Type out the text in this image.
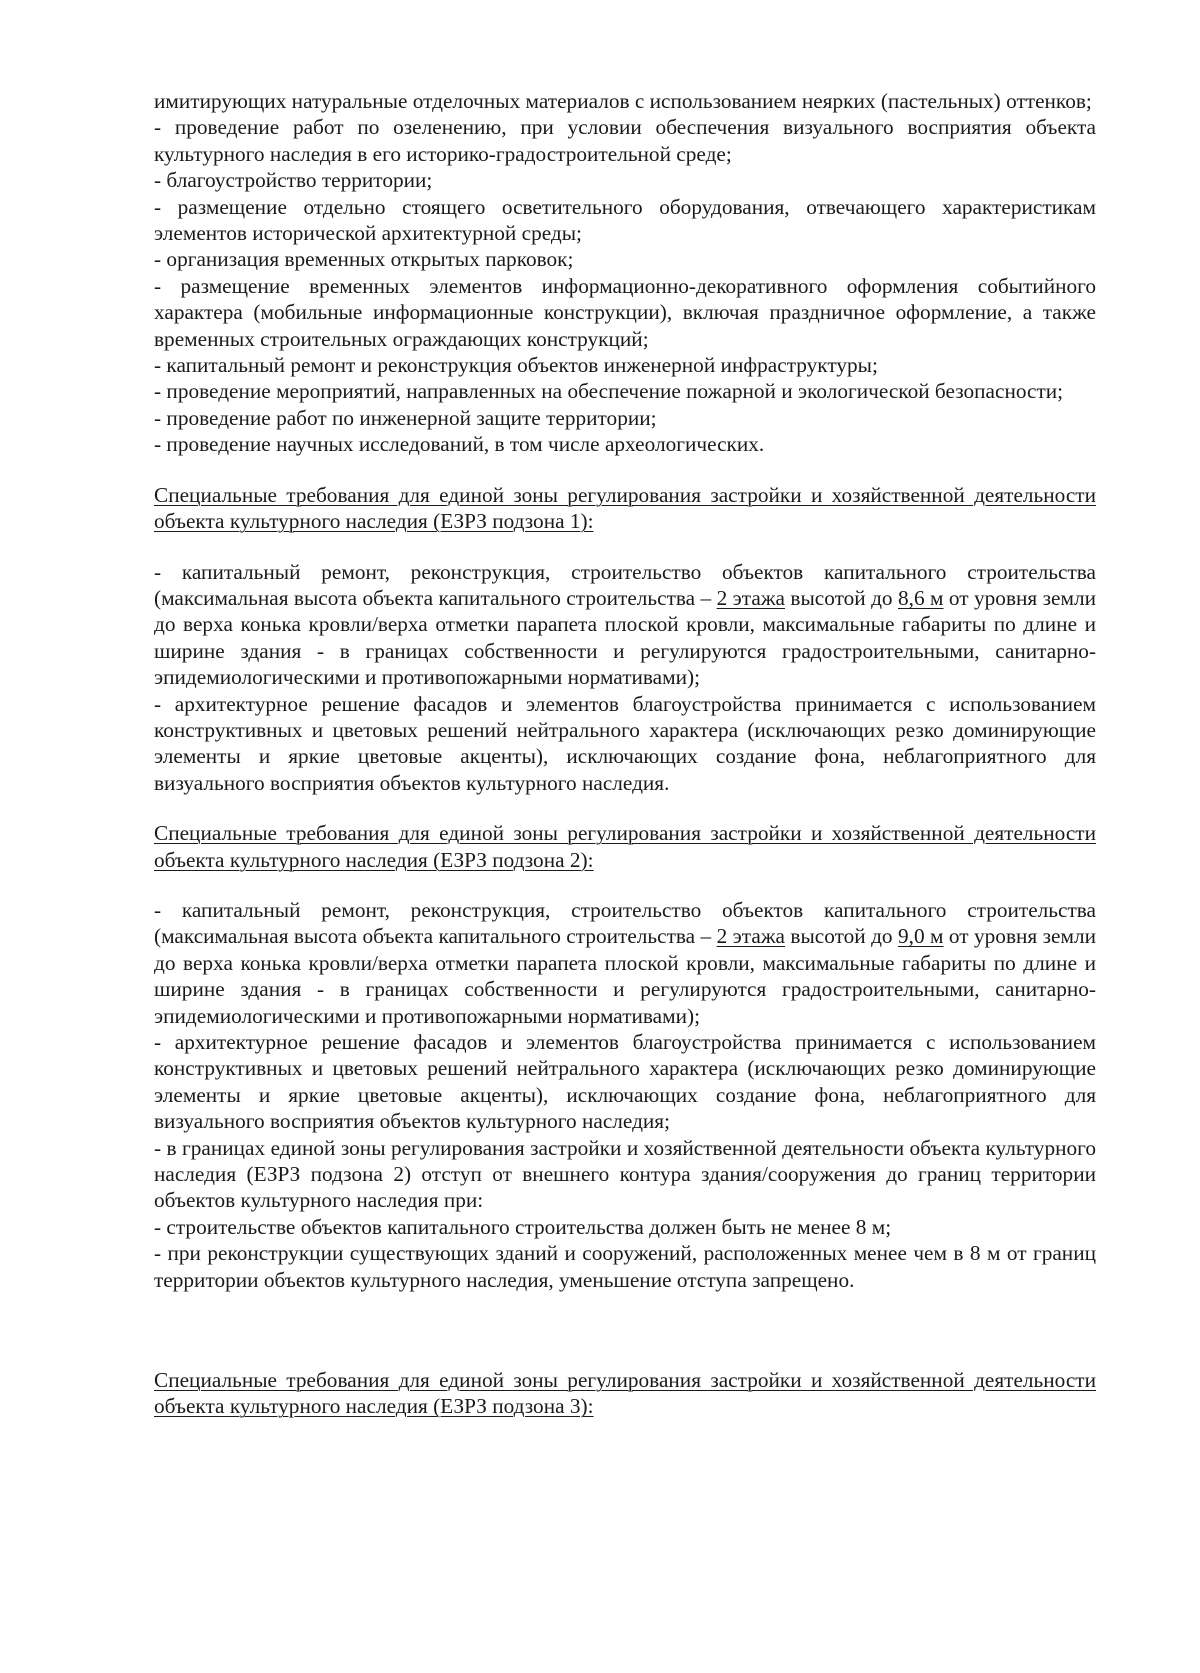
имитирующих натуральные отделочных материалов с использованием неярких (пастельных) оттенков;

- проведение работ по озеленению, при условии обеспечения визуального восприятия объекта культурного наследия в его историко-градостроительной среде;

- благоустройство территории;

- размещение отдельно стоящего осветительного оборудования, отвечающего характеристикам элементов исторической архитектурной среды;

- организация временных открытых парковок;

- размещение временных элементов информационно-декоративного оформления событийного характера (мобильные информационные конструкции), включая праздничное оформление, а также временных строительных ограждающих конструкций;

- капитальный ремонт и реконструкция объектов инженерной инфраструктуры;

- проведение мероприятий, направленных на обеспечение пожарной и экологической безопасности;

- проведение работ по инженерной защите территории;

- проведение научных исследований, в том числе археологических.

Специальные требования для единой зоны регулирования застройки и хозяйственной деятельности объекта культурного наследия (ЕЗРЗ подзона 1):

- капитальный ремонт, реконструкция, строительство объектов капитального строительства (максимальная высота объекта капитального строительства – 2 этажа высотой до 8,6 м от уровня земли до верха конька кровли/верха отметки парапета плоской кровли, максимальные габариты по длине и ширине здания - в границах собственности и регулируются градостроительными, санитарно-эпидемиологическими и противопожарными нормативами);

- архитектурное решение фасадов и элементов благоустройства принимается с использованием конструктивных и цветовых решений нейтрального характера (исключающих резко доминирующие элементы и яркие цветовые акценты), исключающих создание фона, неблагоприятного для визуального восприятия объектов культурного наследия.

Специальные требования для единой зоны регулирования застройки и хозяйственной деятельности объекта культурного наследия (ЕЗРЗ подзона 2):

- капитальный ремонт, реконструкция, строительство объектов капитального строительства (максимальная высота объекта капитального строительства – 2 этажа высотой до 9,0 м от уровня земли до верха конька кровли/верха отметки парапета плоской кровли, максимальные габариты по длине и ширине здания - в границах собственности и регулируются градостроительными, санитарно-эпидемиологическими и противопожарными нормативами);

- архитектурное решение фасадов и элементов благоустройства принимается с использованием конструктивных и цветовых решений нейтрального характера (исключающих резко доминирующие элементы и яркие цветовые акценты), исключающих создание фона, неблагоприятного для визуального восприятия объектов культурного наследия;

- в границах единой зоны регулирования застройки и хозяйственной деятельности объекта культурного наследия (ЕЗРЗ подзона 2) отступ от внешнего контура здания/сооружения до границ территории объектов культурного наследия при:

- строительстве объектов капитального строительства должен быть не менее 8 м;

- при реконструкции существующих зданий и сооружений, расположенных менее чем в 8 м от границ территории объектов культурного наследия, уменьшение отступа запрещено.

Специальные требования для единой зоны регулирования застройки и хозяйственной деятельности объекта культурного наследия (ЕЗРЗ подзона 3):
